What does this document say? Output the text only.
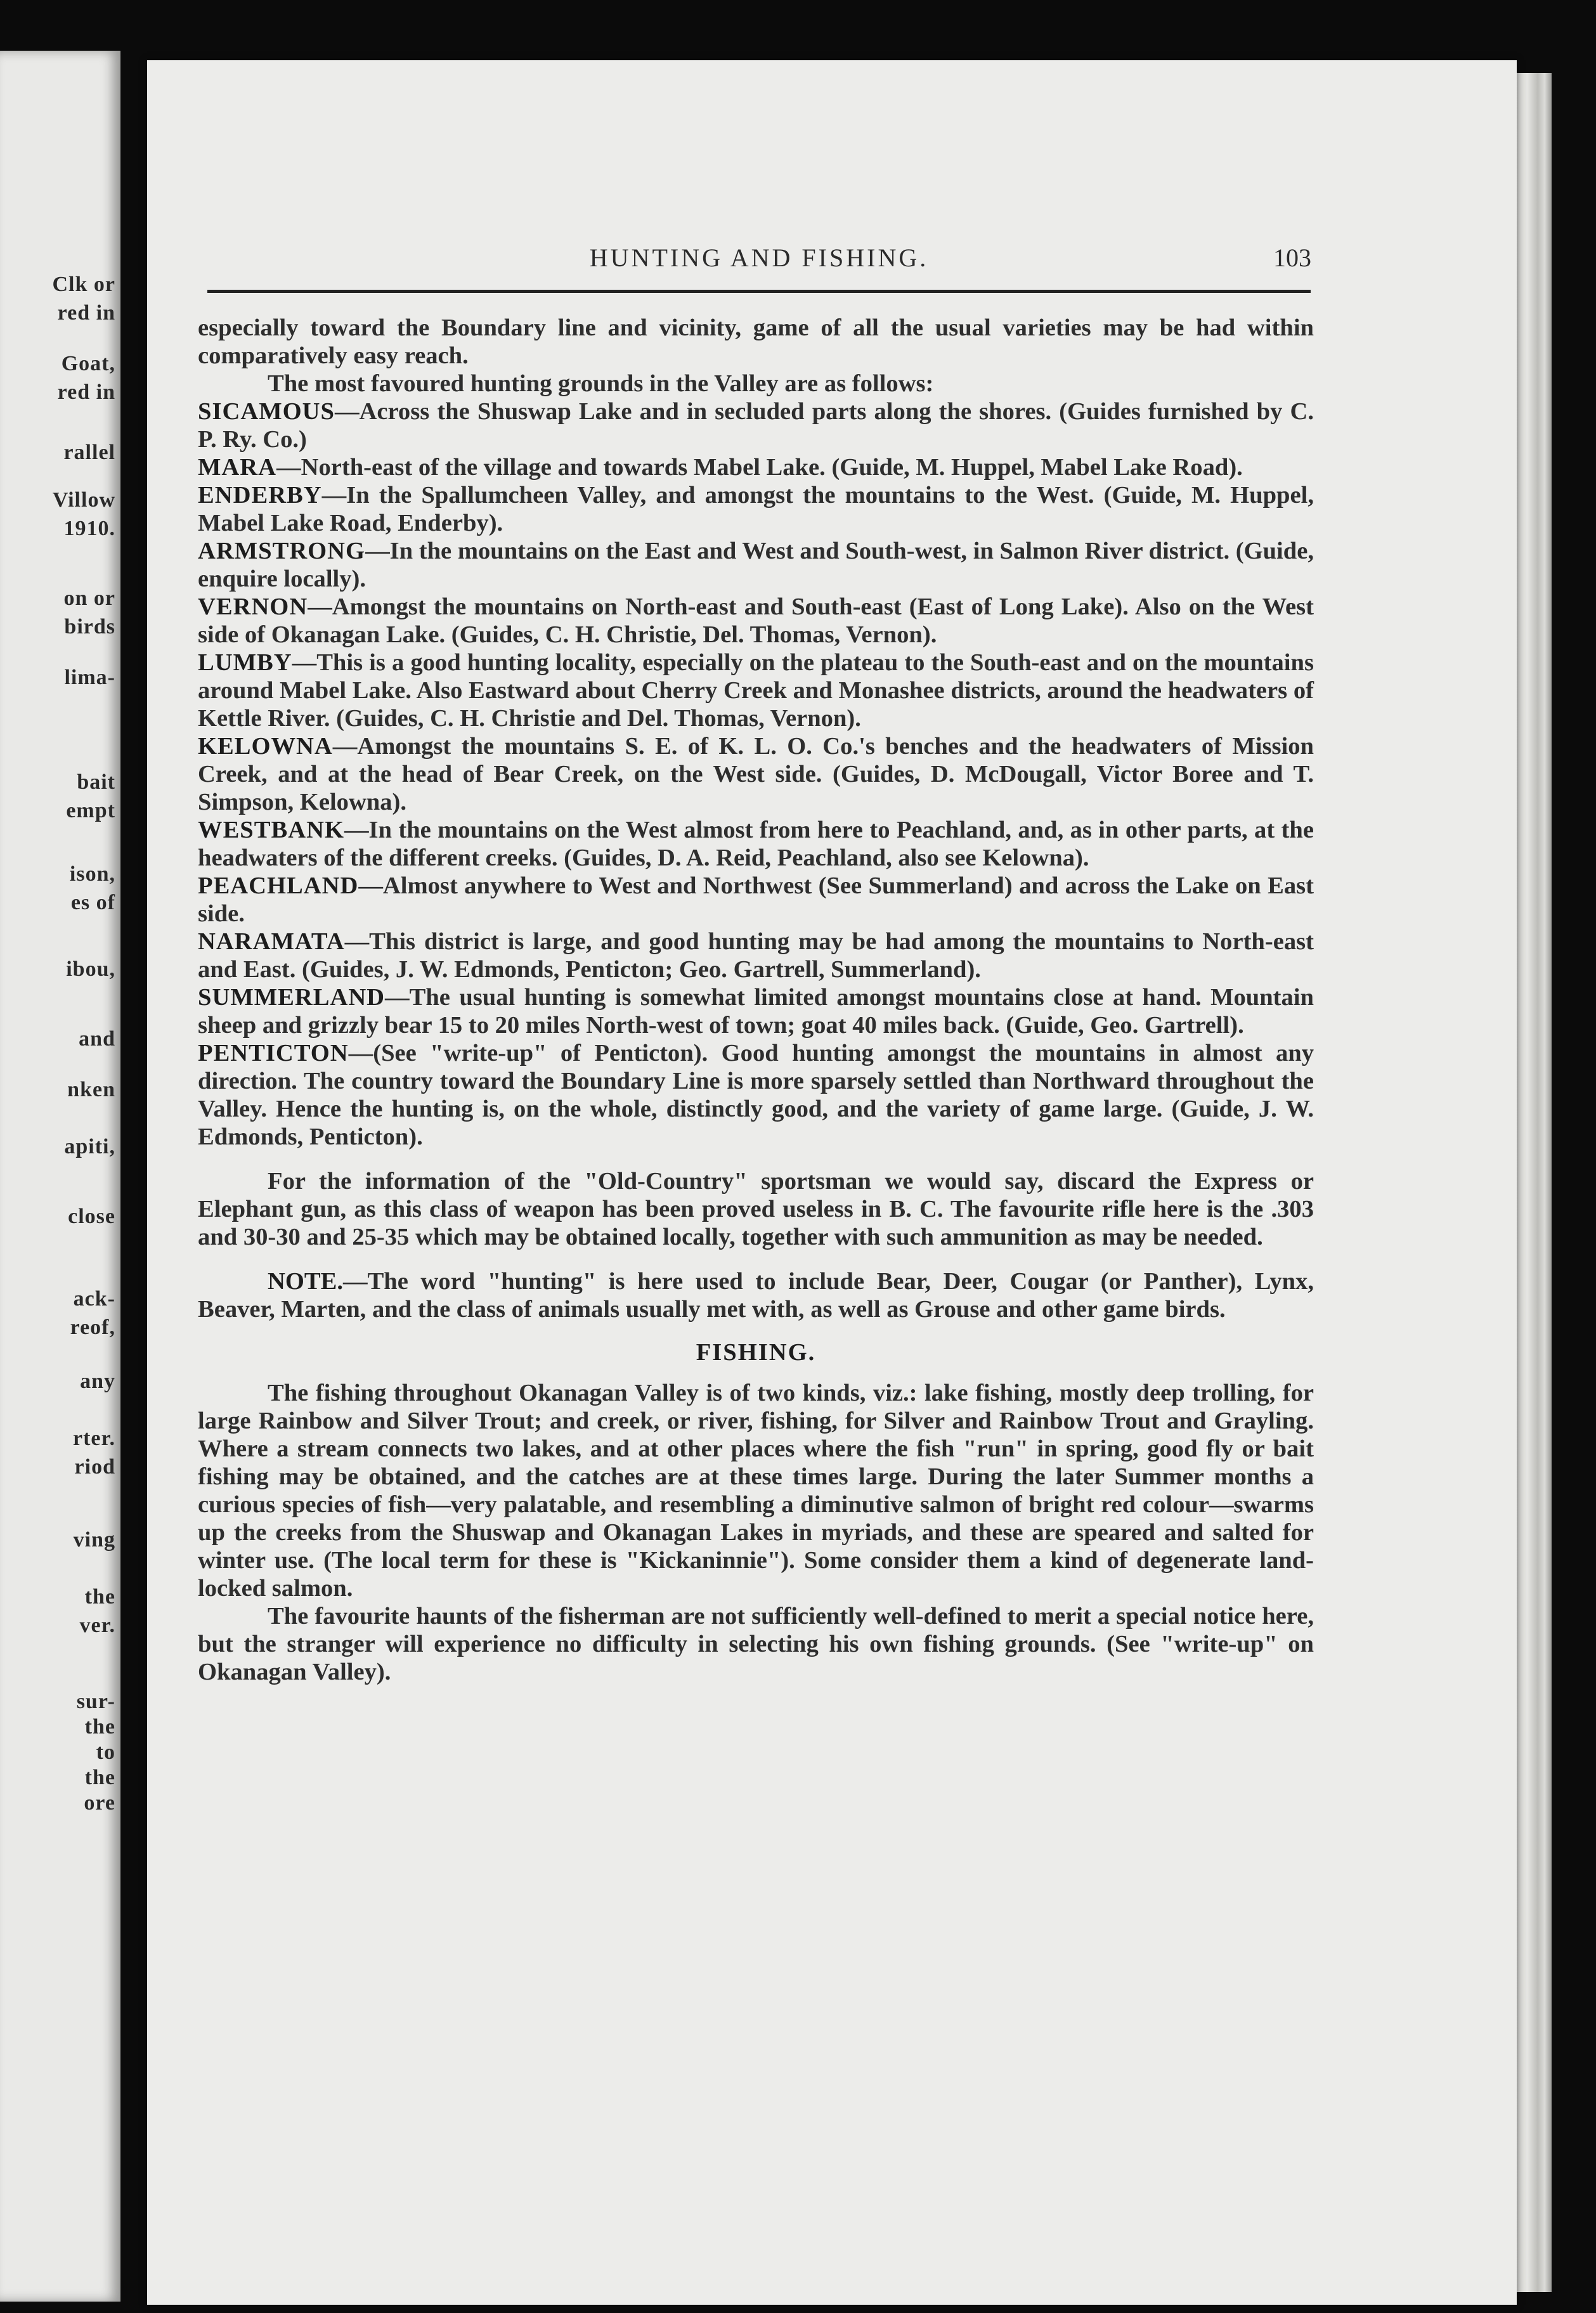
Clk or
red in
Goat,
red in
rallel
Villow
1910.
on or
birds
lima-
bait
empt
ison,
es of
ibou,
and
nken
apiti,
close
ack-
reof,
any
rter.
riod
ving
the
ver.
sur-
the
to
the
ore
HUNTING AND FISHING.	103

especially toward the Boundary line and vicinity, game of all the usual varieties may be had within comparatively easy reach.

The most favoured hunting grounds in the Valley are as follows:

SICAMOUS—Across the Shuswap Lake and in secluded parts along the shores. (Guides furnished by C. P. Ry. Co.)

MARA—North-east of the village and towards Mabel Lake. (Guide, M. Huppel, Mabel Lake Road).

ENDERBY—In the Spallumcheen Valley, and amongst the mountains to the West. (Guide, M. Huppel, Mabel Lake Road, Enderby).

ARMSTRONG—In the mountains on the East and West and South-west, in Salmon River district. (Guide, enquire locally).

VERNON—Amongst the mountains on North-east and South-east (East of Long Lake). Also on the West side of Okanagan Lake. (Guides, C. H. Christie, Del. Thomas, Vernon).

LUMBY—This is a good hunting locality, especially on the plateau to the South-east and on the mountains around Mabel Lake. Also Eastward about Cherry Creek and Monashee districts, around the headwaters of Kettle River. (Guides, C. H. Christie and Del. Thomas, Vernon).

KELOWNA—Amongst the mountains S. E. of K. L. O. Co.'s benches and the headwaters of Mission Creek, and at the head of Bear Creek, on the West side. (Guides, D. McDougall, Victor Boree and T. Simpson, Kelowna).

WESTBANK—In the mountains on the West almost from here to Peachland, and, as in other parts, at the headwaters of the different creeks. (Guides, D. A. Reid, Peachland, also see Kelowna).

PEACHLAND—Almost anywhere to West and Northwest (See Summerland) and across the Lake on East side.

NARAMATA—This district is large, and good hunting may be had among the mountains to North-east and East. (Guides, J. W. Edmonds, Penticton; Geo. Gartrell, Summerland).

SUMMERLAND—The usual hunting is somewhat limited amongst mountains close at hand. Mountain sheep and grizzly bear 15 to 20 miles North-west of town; goat 40 miles back. (Guide, Geo. Gartrell).

PENTICTON—(See "write-up" of Penticton). Good hunting amongst the mountains in almost any direction. The country toward the Boundary Line is more sparsely settled than Northward throughout the Valley. Hence the hunting is, on the whole, distinctly good, and the variety of game large. (Guide, J. W. Edmonds, Penticton).

For the information of the "Old-Country" sportsman we would say, discard the Express or Elephant gun, as this class of weapon has been proved useless in B. C. The favourite rifle here is the .303 and 30-30 and 25-35 which may be obtained locally, together with such ammunition as may be needed.

NOTE.—The word "hunting" is here used to include Bear, Deer, Cougar (or Panther), Lynx, Beaver, Marten, and the class of animals usually met with, as well as Grouse and other game birds.

FISHING.

The fishing throughout Okanagan Valley is of two kinds, viz.: lake fishing, mostly deep trolling, for large Rainbow and Silver Trout; and creek, or river, fishing, for Silver and Rainbow Trout and Grayling. Where a stream connects two lakes, and at other places where the fish "run" in spring, good fly or bait fishing may be obtained, and the catches are at these times large. During the later Summer months a curious species of fish—very palatable, and resembling a diminutive salmon of bright red colour—swarms up the creeks from the Shuswap and Okanagan Lakes in myriads, and these are speared and salted for winter use. (The local term for these is "Kickaninnie"). Some consider them a kind of degenerate land-locked salmon.

The favourite haunts of the fisherman are not sufficiently well-defined to merit a special notice here, but the stranger will experience no difficulty in selecting his own fishing grounds. (See "write-up" on Okanagan Valley).
